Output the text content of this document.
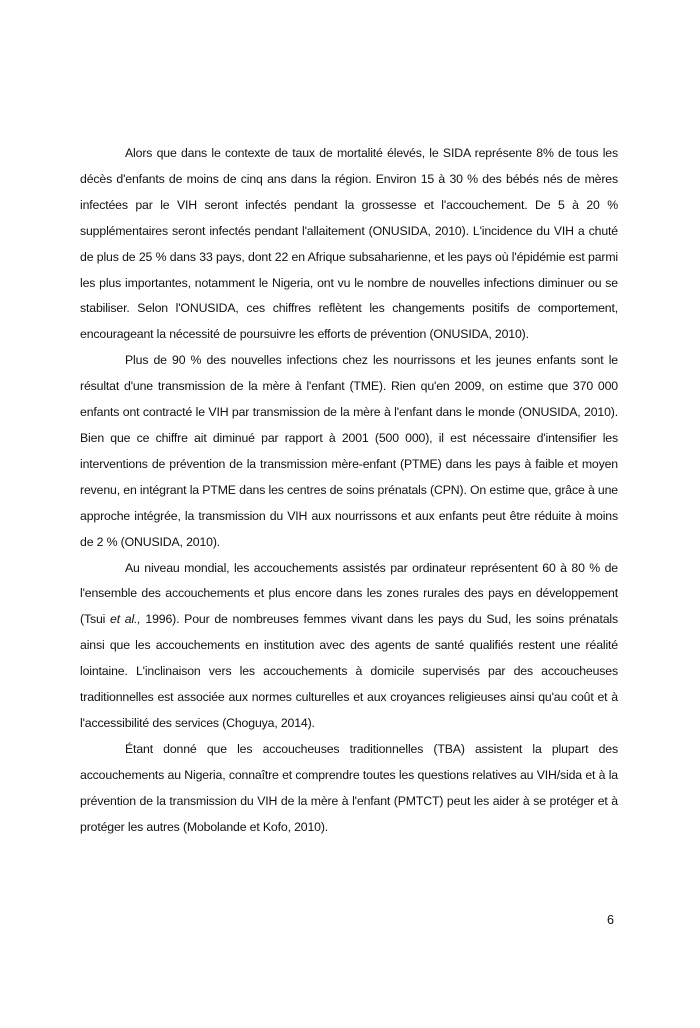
Alors que dans le contexte de taux de mortalité élevés, le SIDA représente 8% de tous les décès d'enfants de moins de cinq ans dans la région. Environ 15 à 30 % des bébés nés de mères infectées par le VIH seront infectés pendant la grossesse et l'accouchement. De 5 à 20 % supplémentaires seront infectés pendant l'allaitement (ONUSIDA, 2010). L'incidence du VIH a chuté de plus de 25 % dans 33 pays, dont 22 en Afrique subsaharienne, et les pays où l'épidémie est parmi les plus importantes, notamment le Nigeria, ont vu le nombre de nouvelles infections diminuer ou se stabiliser. Selon l'ONUSIDA, ces chiffres reflètent les changements positifs de comportement, encourageant la nécessité de poursuivre les efforts de prévention (ONUSIDA, 2010).

Plus de 90 % des nouvelles infections chez les nourrissons et les jeunes enfants sont le résultat d'une transmission de la mère à l'enfant (TME). Rien qu'en 2009, on estime que 370 000 enfants ont contracté le VIH par transmission de la mère à l'enfant dans le monde (ONUSIDA, 2010). Bien que ce chiffre ait diminué par rapport à 2001 (500 000), il est nécessaire d'intensifier les interventions de prévention de la transmission mère-enfant (PTME) dans les pays à faible et moyen revenu, en intégrant la PTME dans les centres de soins prénatals (CPN). On estime que, grâce à une approche intégrée, la transmission du VIH aux nourrissons et aux enfants peut être réduite à moins de 2 % (ONUSIDA, 2010).

Au niveau mondial, les accouchements assistés par ordinateur représentent 60 à 80 % de l'ensemble des accouchements et plus encore dans les zones rurales des pays en développement (Tsui et al., 1996). Pour de nombreuses femmes vivant dans les pays du Sud, les soins prénatals ainsi que les accouchements en institution avec des agents de santé qualifiés restent une réalité lointaine. L'inclinaison vers les accouchements à domicile supervisés par des accoucheuses traditionnelles est associée aux normes culturelles et aux croyances religieuses ainsi qu'au coût et à l'accessibilité des services (Choguya, 2014).

Étant donné que les accoucheuses traditionnelles (TBA) assistent la plupart des accouchements au Nigeria, connaître et comprendre toutes les questions relatives au VIH/sida et à la prévention de la transmission du VIH de la mère à l'enfant (PMTCT) peut les aider à se protéger et à protéger les autres (Mobolande et Kofo, 2010).

6
